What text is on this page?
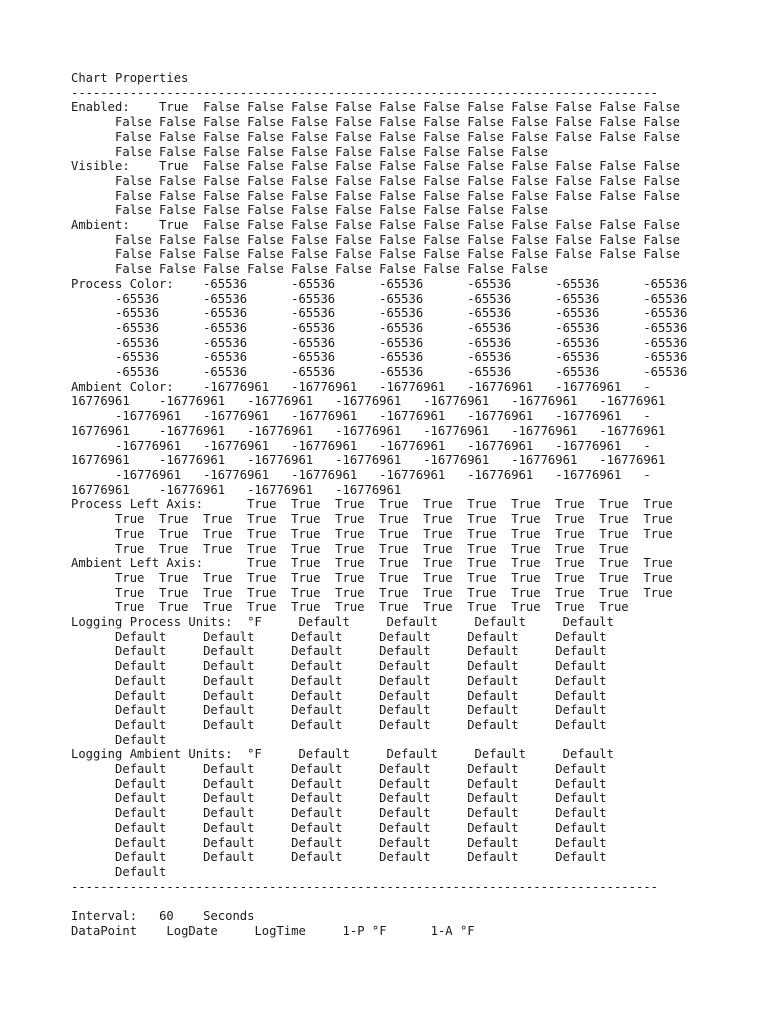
Chart Properties
--------------------------------------------------------------------------------
Enabled:    True  False False False False False False False False False False False
False False False False False False False False False False False False False
False False False False False False False False False False False False False
False False False False False False False False False False
Visible:    True  False False False False False False False False False False False
False False False False False False False False False False False False False
False False False False False False False False False False False False False
False False False False False False False False False False
Ambient:    True  False False False False False False False False False False False
False False False False False False False False False False False False False
False False False False False False False False False False False False False
False False False False False False False False False False
Process Color:    -65536      -65536      -65536      -65536      -65536      -65536
-65536      -65536      -65536      -65536      -65536      -65536      -65536
-65536      -65536      -65536      -65536      -65536      -65536      -65536
-65536      -65536      -65536      -65536      -65536      -65536      -65536
-65536      -65536      -65536      -65536      -65536      -65536      -65536
-65536      -65536      -65536      -65536      -65536      -65536      -65536
-65536      -65536      -65536      -65536      -65536      -65536      -65536
Ambient Color:    -16776961   -16776961   -16776961   -16776961   -16776961   -
16776961    -16776961   -16776961   -16776961   -16776961   -16776961   -16776961
-16776961   -16776961   -16776961   -16776961   -16776961   -16776961   -
16776961    -16776961   -16776961   -16776961   -16776961   -16776961   -16776961
-16776961   -16776961   -16776961   -16776961   -16776961   -16776961   -
16776961    -16776961   -16776961   -16776961   -16776961   -16776961   -16776961
-16776961   -16776961   -16776961   -16776961   -16776961   -16776961   -
16776961    -16776961   -16776961   -16776961
Process Left Axis:      True  True  True  True  True  True  True  True  True  True
True  True  True  True  True  True  True  True  True  True  True  True  True
True  True  True  True  True  True  True  True  True  True  True  True  True
True  True  True  True  True  True  True  True  True  True  True  True
Ambient Left Axis:      True  True  True  True  True  True  True  True  True  True
True  True  True  True  True  True  True  True  True  True  True  True  True
True  True  True  True  True  True  True  True  True  True  True  True  True
True  True  True  True  True  True  True  True  True  True  True  True
Logging Process Units:  °F     Default     Default     Default     Default
Default     Default     Default     Default     Default     Default
Default     Default     Default     Default     Default     Default
Default     Default     Default     Default     Default     Default
Default     Default     Default     Default     Default     Default
Default     Default     Default     Default     Default     Default
Default     Default     Default     Default     Default     Default
Default     Default     Default     Default     Default     Default
Default
Logging Ambient Units:  °F     Default     Default     Default     Default
Default     Default     Default     Default     Default     Default
Default     Default     Default     Default     Default     Default
Default     Default     Default     Default     Default     Default
Default     Default     Default     Default     Default     Default
Default     Default     Default     Default     Default     Default
Default     Default     Default     Default     Default     Default
Default     Default     Default     Default     Default     Default
Default
--------------------------------------------------------------------------------

Interval: 60 Seconds
DataPoint LogDate	LogTime	1-P °F	1-A °F
